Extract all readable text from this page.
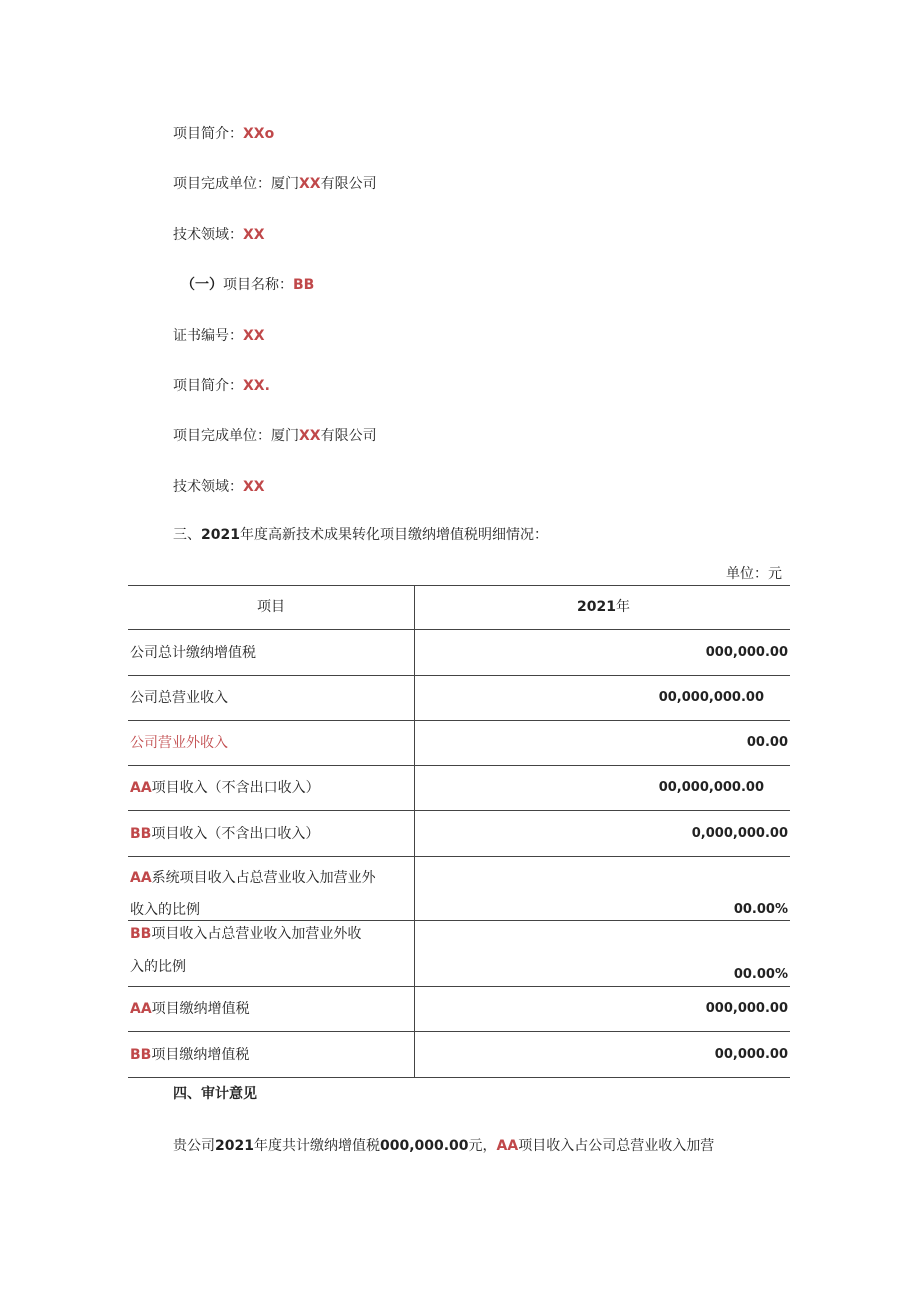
项目简介：XXo
项目完成单位：厦门XX有限公司
技术领域：XX
（一）项目名称：BB
证书编号：XX
项目简介：XX.
项目完成单位：厦门XX有限公司
技术领域：XX
三、2021年度高新技术成果转化项目缴纳增值税明细情况：
单位：元
项目	2021年
公司总计缴纳增值税	000,000.00
公司总营业收入	00,000,000.00
公司营业外收入	00.00
AA项目收入（不含出口收入）	00,000,000.00
BB项目收入（不含出口收入）	0,000,000.00
AA系统项目收入占总营业收入加营业外
收入的比例	00.00%
BB项目收入占总营业收入加营业外收
入的比例	00.00%
AA项目缴纳增值税	000,000.00
BB项目缴纳增值税	00,000.00
四、审计意见
贵公司2021年度共计缴纳增值税000,000.00元，AA项目收入占公司总营业收入加营
